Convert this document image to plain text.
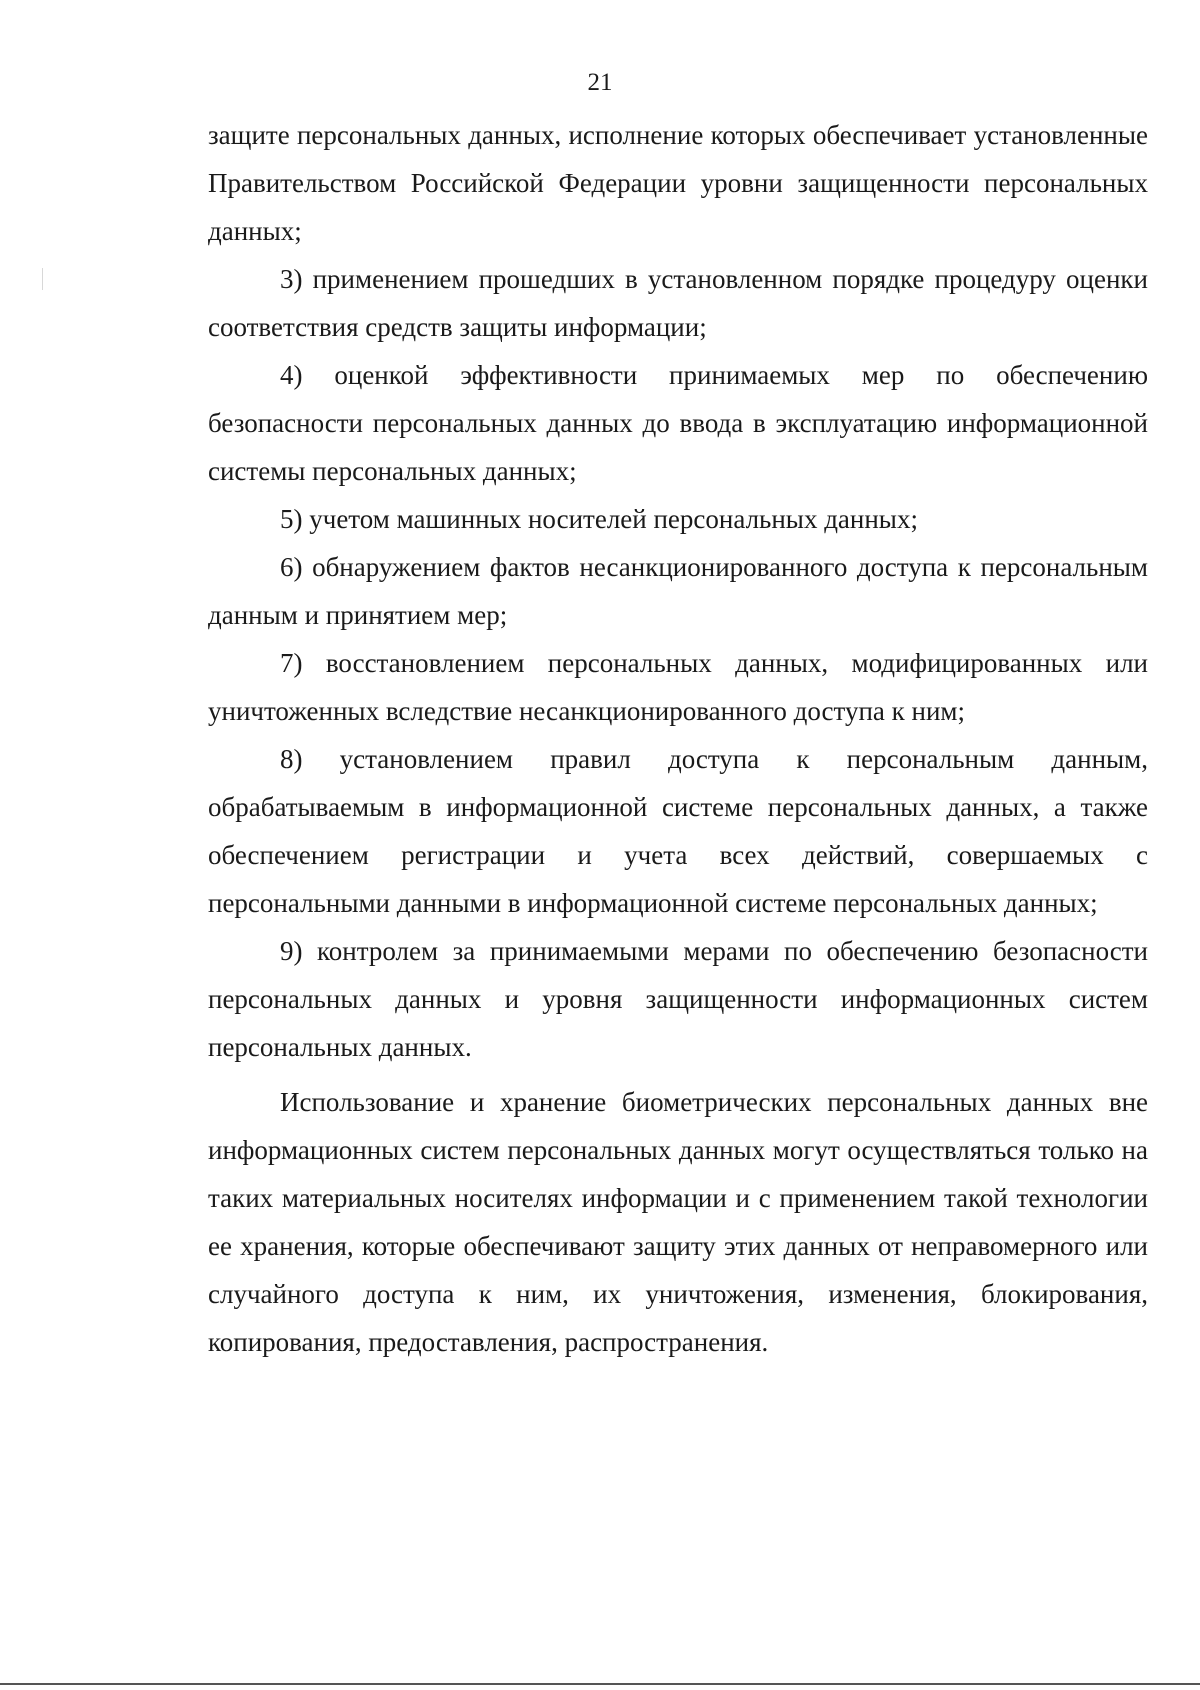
21

защите персональных данных, исполнение которых обеспечивает установленные Правительством Российской Федерации уровни защищенности персональных данных;

3) применением прошедших в установленном порядке процедуру оценки соответствия средств защиты информации;

4) оценкой эффективности принимаемых мер по обеспечению безопасности персональных данных до ввода в эксплуатацию информационной системы персональных данных;

5) учетом машинных носителей персональных данных;

6) обнаружением фактов несанкционированного доступа к персональным данным и принятием мер;

7) восстановлением персональных данных, модифицированных или уничтоженных вследствие несанкционированного доступа к ним;

8) установлением правил доступа к персональным данным, обрабатываемым в информационной системе персональных данных, а также обеспечением регистрации и учета всех действий, совершаемых с персональными данными в информационной системе персональных данных;

9) контролем за принимаемыми мерами по обеспечению безопасности персональных данных и уровня защищенности информационных систем персональных данных.

Использование и хранение биометрических персональных данных вне информационных систем персональных данных могут осуществляться только на таких материальных носителях информации и с применением такой технологии ее хранения, которые обеспечивают защиту этих данных от неправомерного или случайного доступа к ним, их уничтожения, изменения, блокирования, копирования, предоставления, распространения.
